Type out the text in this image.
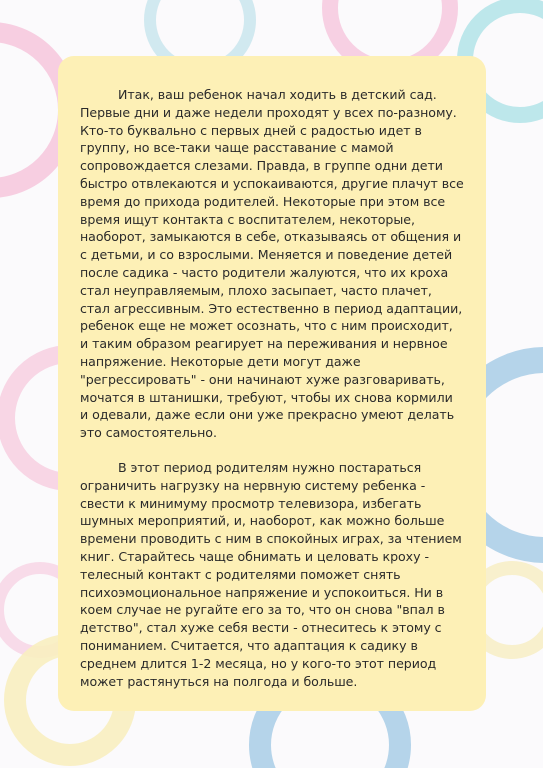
Итак, ваш ребенок начал ходить в детский сад. Первые дни и даже недели проходят у всех по-разному. Кто-то буквально с первых дней с радостью идет в группу, но все-таки чаще расставание с мамой сопровождается слезами. Правда, в группе одни дети быстро отвлекаются и успокаиваются, другие плачут все время до прихода родителей. Некоторые при этом все время ищут контакта с воспитателем, некоторые, наоборот, замыкаются в себе, отказываясь от общения и с детьми, и со взрослыми. Меняется и поведение детей после садика - часто родители жалуются, что их кроха стал неуправляемым, плохо засыпает, часто плачет, стал агрессивным. Это естественно в период адаптации, ребенок еще не может осознать, что с ним происходит, и таким образом реагирует на переживания и нервное напряжение. Некоторые дети могут даже "регрессировать" - они начинают хуже разговаривать, мочатся в штанишки, требуют, чтобы их снова кормили и одевали, даже если они уже прекрасно умеют делать это самостоятельно.

В этот период родителям нужно постараться ограничить нагрузку на нервную систему ребенка - свести к минимуму просмотр телевизора, избегать шумных мероприятий, и, наоборот, как можно больше времени проводить с ним в спокойных играх, за чтением книг. Старайтесь чаще обнимать и целовать кроху - телесный контакт с родителями поможет снять психоэмоциональное напряжение и успокоиться. Ни в коем случае не ругайте его за то, что он снова "впал в детство", стал хуже себя вести - отнеситесь к этому с пониманием. Считается, что адаптация к садику в среднем длится 1-2 месяца, но у кого-то этот период может растянуться на полгода и больше.
